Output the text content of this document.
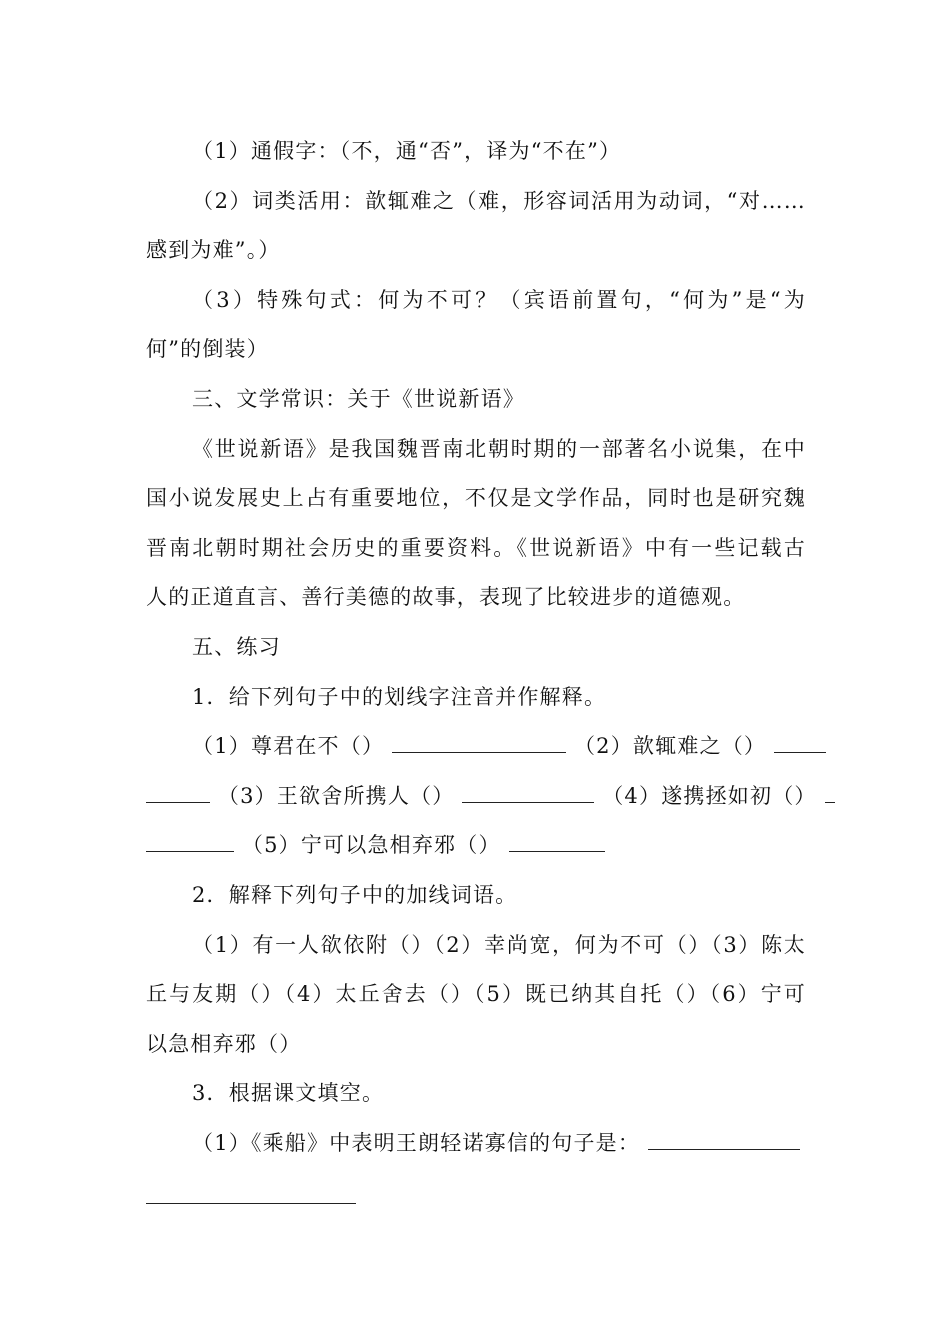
（1）通假字：（不，通“否”，译为“不在”）
（2）词类活用：歆辄难之（难，形容词活用为动词，“对……
感到为难”。）
（3）特殊句式：何为不可？（宾语前置句，“何为”是“为
何”的倒装）
三、文学常识：关于《世说新语》
《世说新语》是我国魏晋南北朝时期的一部著名小说集，在中
国小说发展史上占有重要地位，不仅是文学作品，同时也是研究魏
晋南北朝时期社会历史的重要资料。《世说新语》中有一些记载古
人的正道直言、善行美德的故事，表现了比较进步的道德观。
五、练习
1．给下列句子中的划线字注音并作解释。
（1）尊君在不（）	（2）歆辄难之（）
（3）王欲舍所携人（）	（4）遂携拯如初（）
（5）宁可以急相弃邪（）
2．解释下列句子中的加线词语。
（1）有一人欲依附（）（2）幸尚宽，何为不可（）（3）陈太
丘与友期（）（4）太丘舍去（）（5）既已纳其自托（）（6）宁可
以急相弃邪（）
3．根据课文填空。
（1）《乘船》中表明王朗轻诺寡信的句子是：
